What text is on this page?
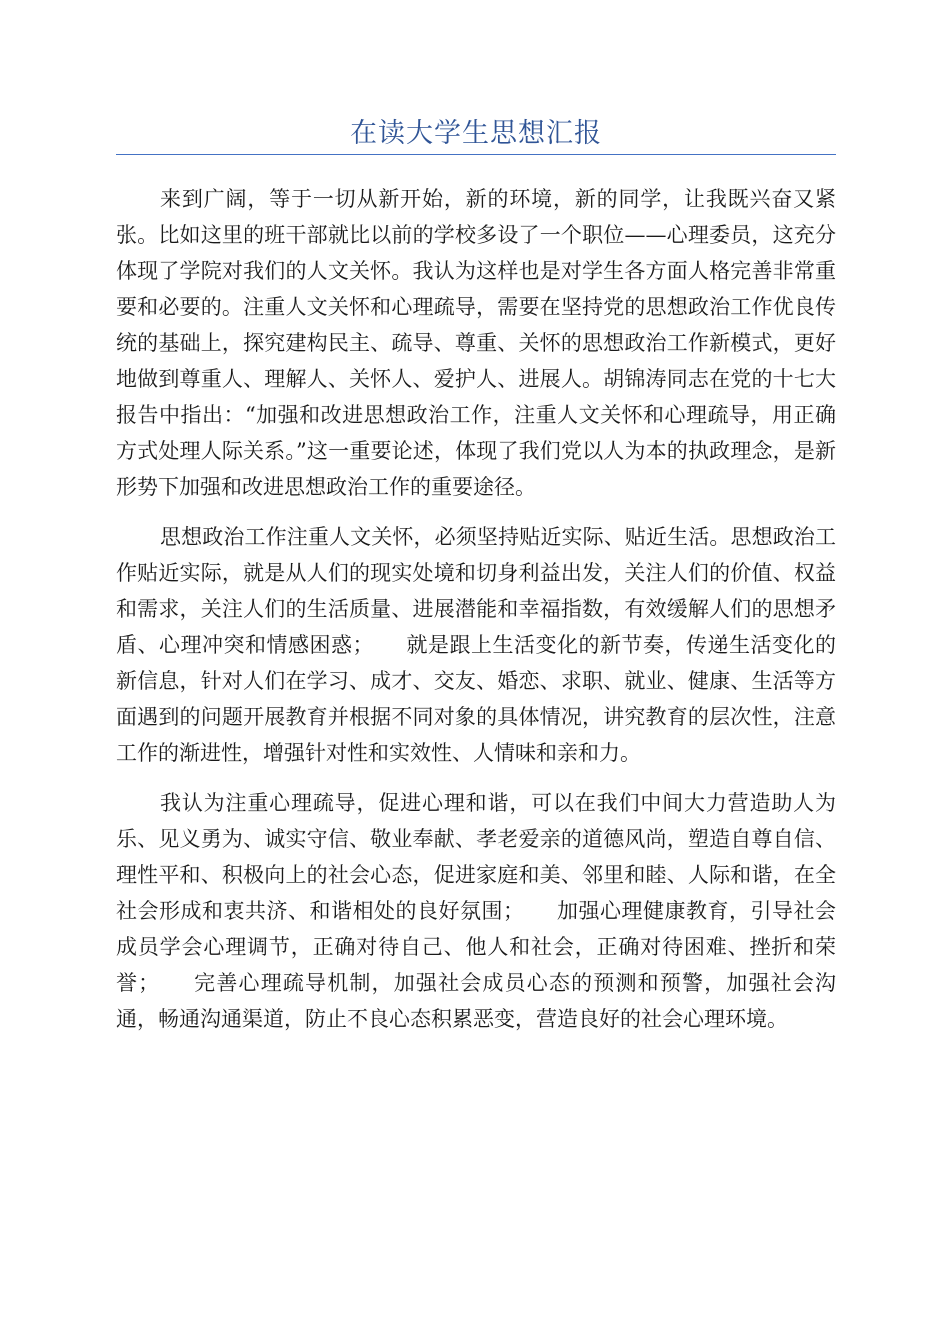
在读大学生思想汇报

来到广阔，等于一切从新开始，新的环境，新的同学，让我既兴奋又紧张。比如这里的班干部就比以前的学校多设了一个职位——心理委员，这充分体现了学院对我们的人文关怀。我认为这样也是对学生各方面人格完善非常重要和必要的。注重人文关怀和心理疏导，需要在坚持党的思想政治工作优良传统的基础上，探究建构民主、疏导、尊重、关怀的思想政治工作新模式，更好地做到尊重人、理解人、关怀人、爱护人、进展人。胡锦涛同志在党的十七大报告中指出：“加强和改进思想政治工作，注重人文关怀和心理疏导，用正确方式处理人际关系。”这一重要论述，体现了我们党以人为本的执政理念，是新形势下加强和改进思想政治工作的重要途径。

思想政治工作注重人文关怀，必须坚持贴近实际、贴近生活。思想政治工作贴近实际，就是从人们的现实处境和切身利益出发，关注人们的价值、权益和需求，关注人们的生活质量、进展潜能和幸福指数，有效缓解人们的思想矛盾、心理冲突和情感困惑；　　就是跟上生活变化的新节奏，传递生活变化的新信息，针对人们在学习、成才、交友、婚恋、求职、就业、健康、生活等方面遇到的问题开展教育并根据不同对象的具体情况，讲究教育的层次性，注意工作的渐进性，增强针对性和实效性、人情味和亲和力。

我认为注重心理疏导，促进心理和谐，可以在我们中间大力营造助人为乐、见义勇为、诚实守信、敬业奉献、孝老爱亲的道德风尚，塑造自尊自信、理性平和、积极向上的社会心态，促进家庭和美、邻里和睦、人际和谐，在全社会形成和衷共济、和谐相处的良好氛围；　　加强心理健康教育，引导社会成员学会心理调节，正确对待自己、他人和社会，正确对待困难、挫折和荣誉；　　完善心理疏导机制，加强社会成员心态的预测和预警，加强社会沟通，畅通沟通渠道，防止不良心态积累恶变，营造良好的社会心理环境。
